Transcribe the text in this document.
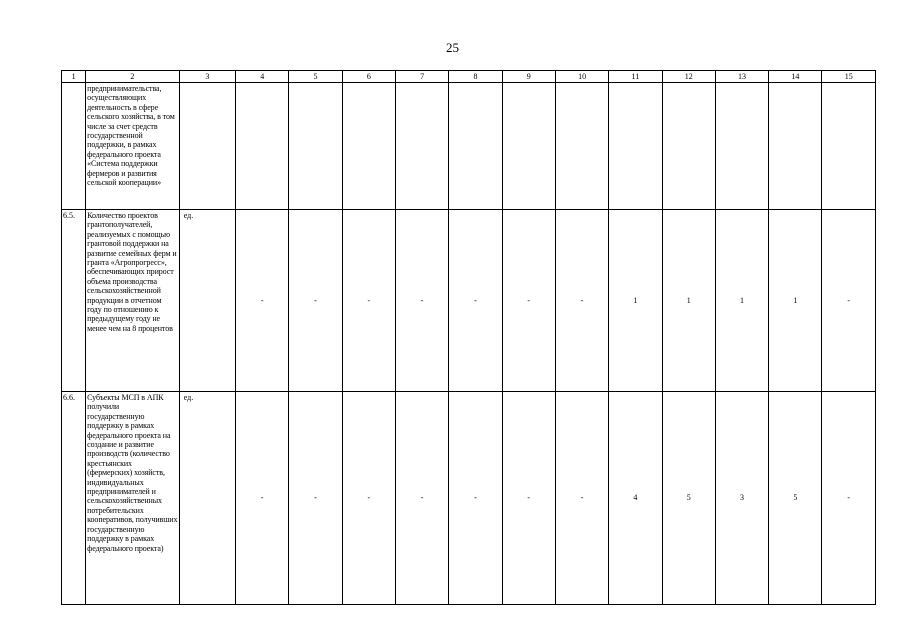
25
1	2	3	4	5	6	7	8	9	10	11	12	13	14	15
	предпринимательства, осуществляющих деятельность в сфере сельского хозяйства, в том числе за счет средств государственной поддержки, в рамках федерального проекта «Система поддержки фермеров и развития сельской кооперации»													
6.5.	Количество проектов грантополучателей, реализуемых с помощью грантовой поддержки на развитие семейных ферм и гранта «Агропрогресс», обеспечивающих прирост объема производства сельскохозяйственной продукции в отчетном году по отношению к предыдущему году не менее чем на 8 процентов	ед.	-	-	-	-	-	-	-	1	1	1	1	-
6.6.	Субъекты МСП в АПК получили государственную поддержку в рамках федерального проекта на создание и развитие производств (количество крестьянских (фермерских) хозяйств, индивидуальных предпринимателей и сельскохозяйственных потребительских кооперативов, получивших государственную поддержку в рамках федерального проекта)	ед.	-	-	-	-	-	-	-	4	5	3	5	-
